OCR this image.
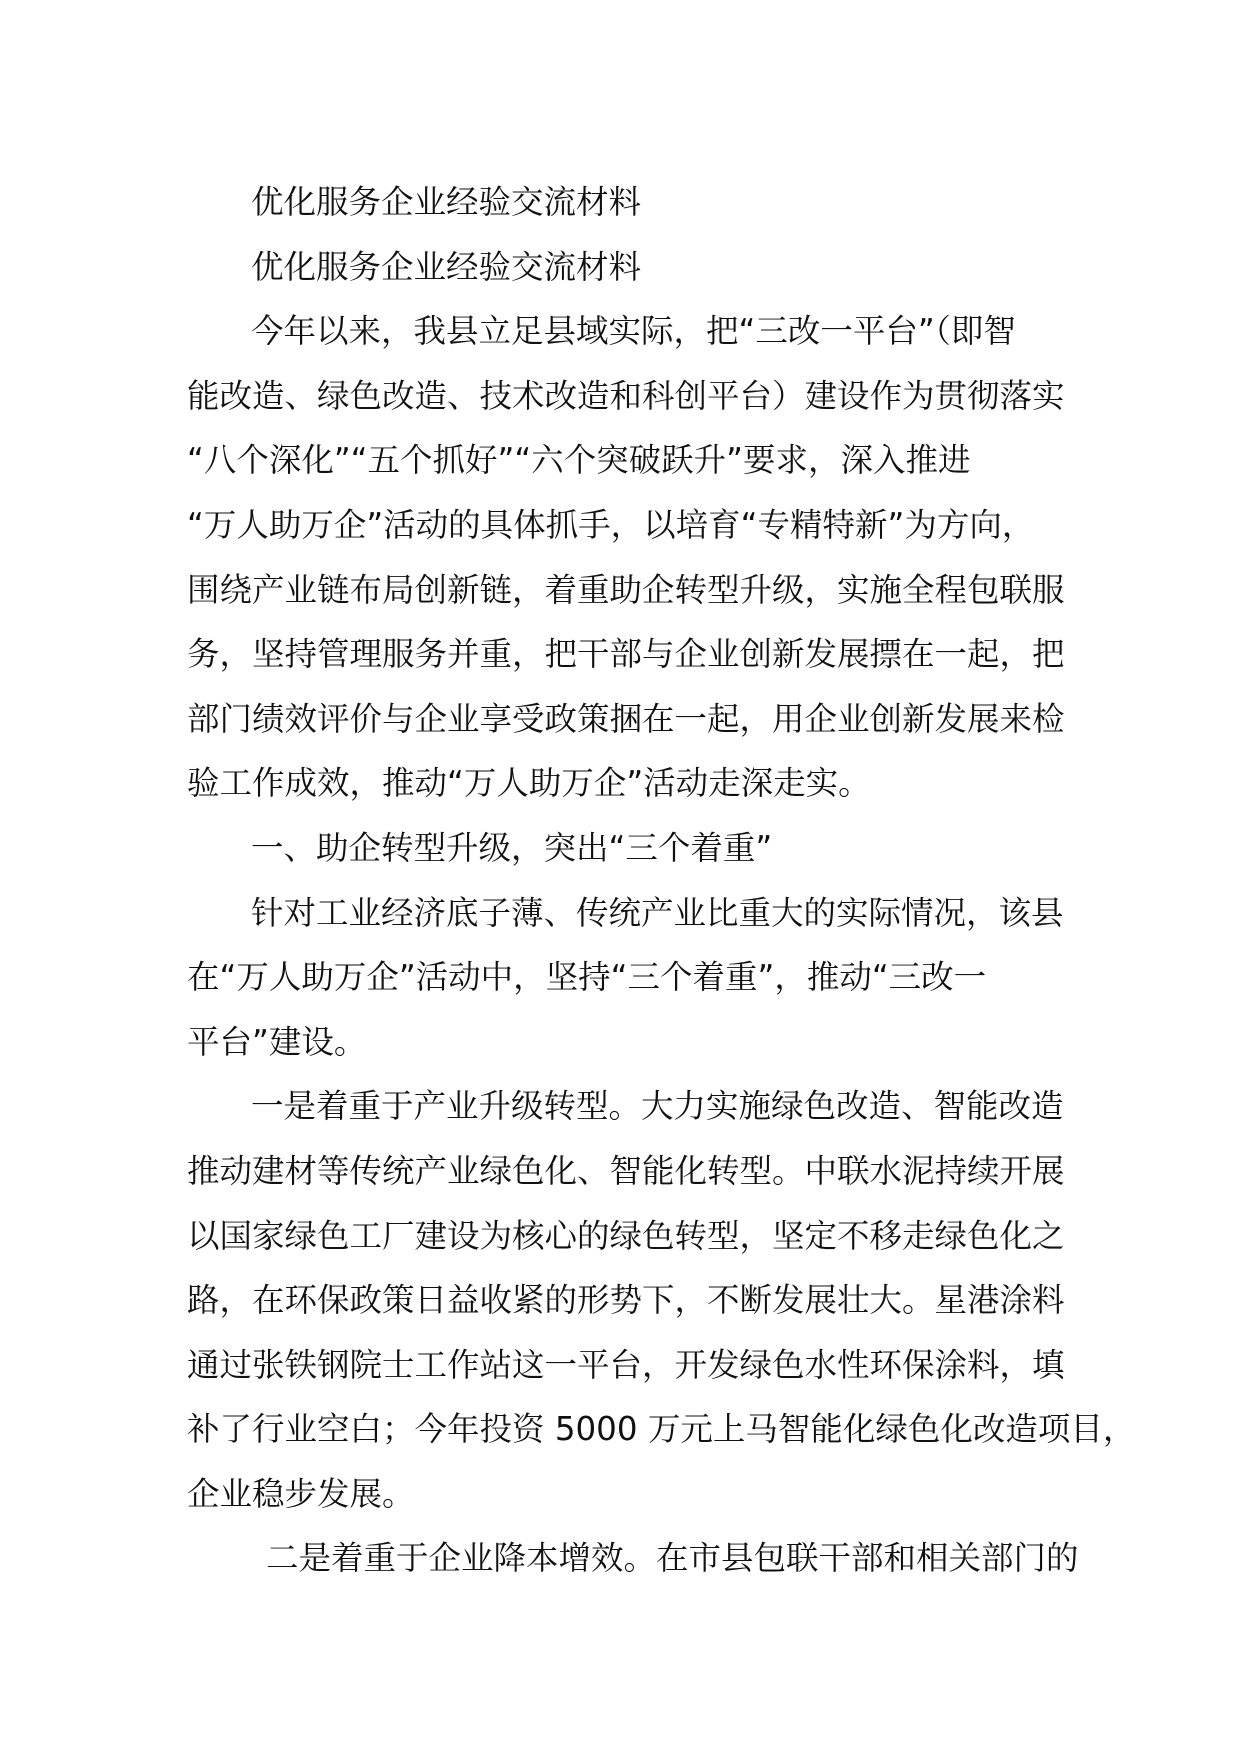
优化服务企业经验交流材料
优化服务企业经验交流材料
今年以来，我县立足县域实际，把“三改一平台”（即智
能改造、绿色改造、技术改造和科创平台）建设作为贯彻落实
“八个深化”“五个抓好”“六个突破跃升”要求，深入推进
“万人助万企”活动的具体抓手，以培育“专精特新”为方向，
围绕产业链布局创新链，着重助企转型升级，实施全程包联服
务，坚持管理服务并重，把干部与企业创新发展摽在一起，把
部门绩效评价与企业享受政策捆在一起，用企业创新发展来检
验工作成效，推动“万人助万企”活动走深走实。
一、助企转型升级，突出“三个着重”
针对工业经济底子薄、传统产业比重大的实际情况，该县
在“万人助万企”活动中，坚持“三个着重”，推动“三改一
平台”建设。
一是着重于产业升级转型。大力实施绿色改造、智能改造
推动建材等传统产业绿色化、智能化转型。中联水泥持续开展
以国家绿色工厂建设为核心的绿色转型，坚定不移走绿色化之
路，在环保政策日益收紧的形势下，不断发展壮大。星港涂料
通过张铁钢院士工作站这一平台，开发绿色水性环保涂料，填
补了行业空白；今年投资 5000 万元上马智能化绿色化改造项目，
企业稳步发展。
二是着重于企业降本增效。在市县包联干部和相关部门的
